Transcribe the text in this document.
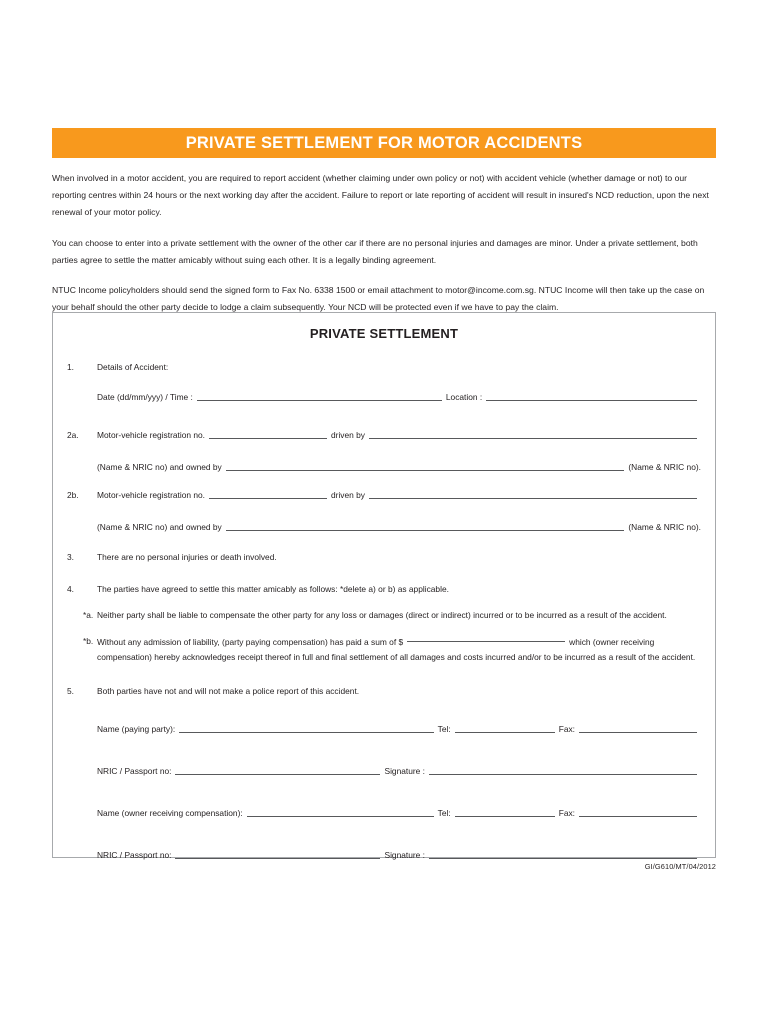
PRIVATE SETTLEMENT FOR MOTOR ACCIDENTS

When involved in a motor accident, you are required to report accident (whether claiming under own policy or not) with accident vehicle (whether damage or not) to our reporting centres within 24 hours or the next working day after the accident. Failure to report or late reporting of accident will result in insured's NCD reduction, upon the next renewal of your motor policy.

You can choose to enter into a private settlement with the owner of the other car if there are no personal injuries and damages are minor. Under a private settlement, both parties agree to settle the matter amicably without suing each other. It is a legally binding agreement.

NTUC Income policyholders should send the signed form to Fax No. 6338 1500 or email attachment to motor@income.com.sg. NTUC Income will then take up the case on your behalf should the other party decide to lodge a claim subsequently. Your NCD will be protected even if we have to pay the claim.

PRIVATE SETTLEMENT
1.	Details of Accident:
Date (dd/mm/yyy) / Time :	Location :
2a.	Motor-vehicle registration no.	driven by
(Name & NRIC no) and owned by	(Name & NRIC no).
2b.	Motor-vehicle registration no.	driven by
(Name & NRIC no) and owned by	(Name & NRIC no).
3.	There are no personal injuries or death involved.
4.	The parties have agreed to settle this matter amicably as follows: *delete a) or b) as applicable.
*a. Neither party shall be liable to compensate the other party for any loss or damages (direct or indirect) incurred or to be incurred as a result of the accident.
*b. Without any admission of liability, (party paying compensation) has paid a sum of $	which (owner receiving compensation) hereby acknowledges receipt thereof in full and final settlement of all damages and costs incurred and/or to be incurred as a result of the accident.
5.	Both parties have not and will not make a police report of this accident.
Name (paying party):	Tel:	Fax:
NRIC / Passport no:	Signature :
Name (owner receiving compensation):	Tel:	Fax:
NRIC / Passport no:	Signature :
GI/G610/MT/04/2012
